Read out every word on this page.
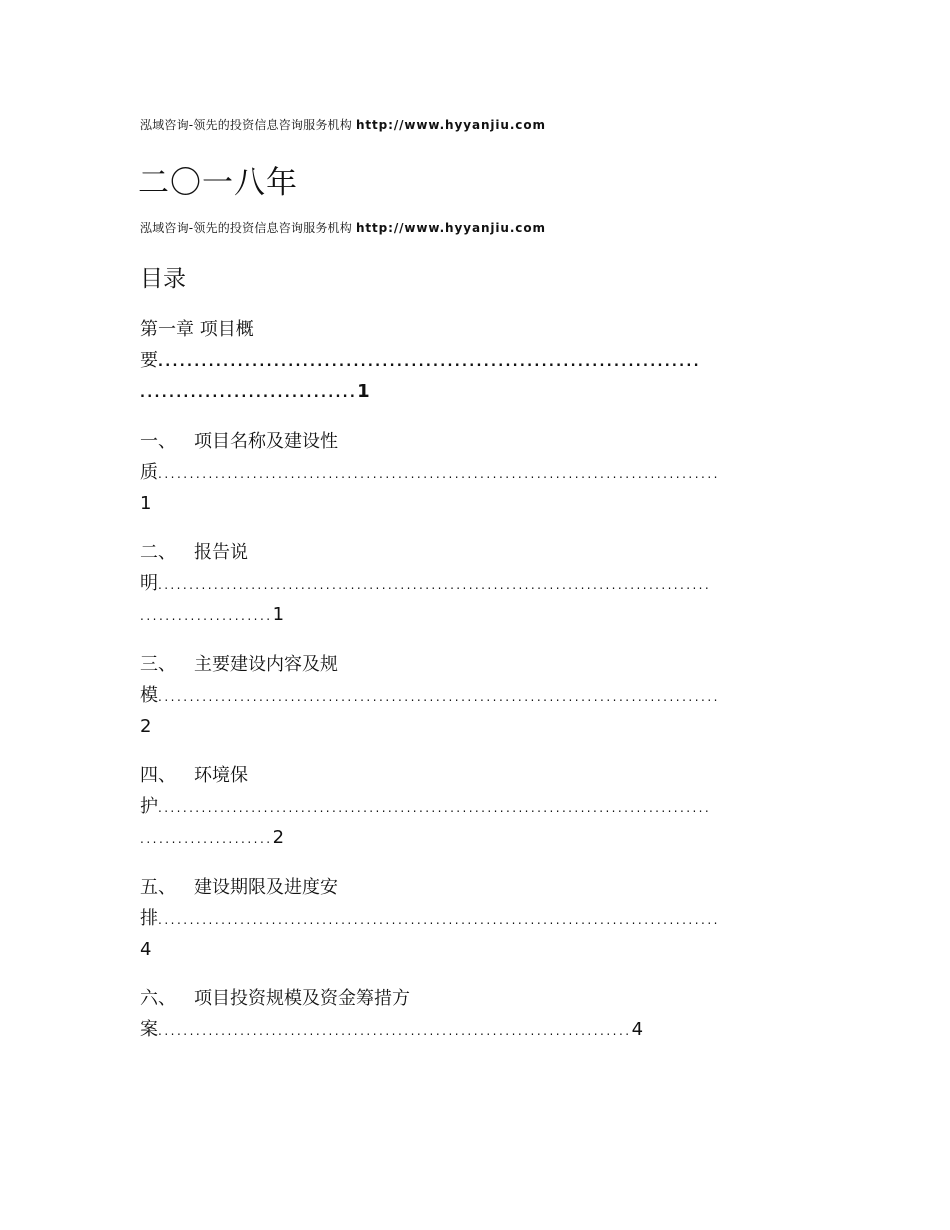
泓域咨询-领先的投资信息咨询服务机构 http://www.hyyanjiu.com
二〇一八年
泓域咨询-领先的投资信息咨询服务机构 http://www.hyyanjiu.com
目录
第一章 项目概
要...........................................................................
..............................1
一、 项目名称及建设性
质.........................................................................................
1
二、 报告说
明.........................................................................................
.....................1
三、 主要建设内容及规
模.........................................................................................
2
四、 环境保
护.........................................................................................
.....................2
五、 建设期限及进度安
排.........................................................................................
4
六、 项目投资规模及资金筹措方
案...........................................................................4
